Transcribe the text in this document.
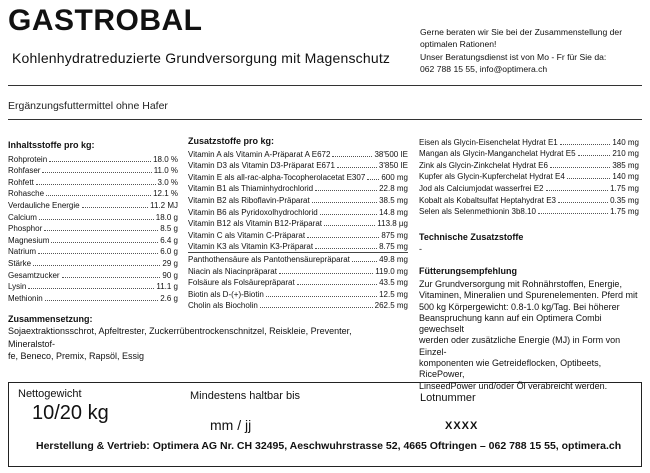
GASTROBAL
Kohlenhydratreduzierte Grundversorgung mit Magenschutz
Gerne beraten wir Sie bei der Zusammenstellung der
optimalen Rationen!
Unser Beratungsdienst ist von Mo - Fr für Sie da:
062 788 15 55, info@optimera.ch
Ergänzungsfuttermittel ohne Hafer
Inhaltsstoffe pro kg:
Rohprotein	18.0 %
Rohfaser	11.0 %
Rohfett	3.0 %
Rohasche	12.1 %
Verdauliche Energie	11.2 MJ
Calcium	18.0 g
Phosphor	8.5 g
Magnesium	6.4 g
Natrium	6.0 g
Stärke	29 g
Gesamtzucker	90 g
Lysin	11.1 g
Methionin	2.6 g
Zusatzstoffe pro kg:
Vitamin A als Vitamin A-Präparat A E672	38'500 IE
Vitamin D3 als Vitamin D3-Präparat E671	3'850 IE
Vitamin E als all-rac-alpha-Tocopherolacetat E307 600 mg
Vitamin B1 als Thiaminhydrochlorid	22.8 mg
Vitamin B2 als Riboflavin-Präparat	38.5 mg
Vitamin B6 als Pyridoxolhydrochlorid	14.8 mg
Vitamin B12 als Vitamin B12-Präparat	113.8 µg
Vitamin C als Vitamin C-Präparat	875 mg
Vitamin K3 als Vitamin K3-Präparat	8.75 mg
Panthothensäure als Pantothensäurepräparat	49.8 mg
Niacin als Niacinpräparat	119.0 mg
Folsäure als Folsäurepräparat	43.5 mg
Biotin als D-(+)-Biotin	12.5 mg
Cholin als Biocholin	262.5 mg
Eisen als Glycin-Eisenchelat Hydrat E1	140 mg
Mangan als Glycin-Manganchelat Hydrat E5	210 mg
Zink als Glycin-Zinkchelat Hydrat E6	385 mg
Kupfer als Glycin-Kupferchelat Hydrat E4	140 mg
Jod als Calciumjodat wasserfrei E2	1.75 mg
Kobalt als Kobaltsulfat Heptahydrat E3	0.35 mg
Selen als Selenmethionin 3b8.10	1.75 mg
Technische Zusatzstoffe
-
Fütterungsempfehlung
Zur Grundversorgung mit Rohnährstoffen, Energie,
Vitaminen, Mineralien und Spurenelementen. Pferd mit
500 kg Körpergewicht: 0.8-1.0 kg/Tag. Bei höherer
Beanspruchung kann auf ein Optimera Combi gewechselt
werden oder zusätzliche Energie (MJ) in Form von Einzel-
komponenten wie Getreideflocken, Optibeets, RicePower,
LinseedPower und/oder Öl verabreicht werden.
Zusammensetzung:
Sojaextraktionsschrot, Apfeltrester, Zuckerrübentrockenschnitzel, Reiskleie, Preventer, Mineralstof-
fe, Beneco, Premix, Rapsöl, Essig
Nettogewicht
10/20 kg
Mindestens haltbar bis
mm / jj
Lotnummer
XXXX
Herstellung & Vertrieb: Optimera AG Nr. CH 32495, Aeschwuhrstrasse 52, 4665 Oftringen – 062 788 15 55, optimera.ch
